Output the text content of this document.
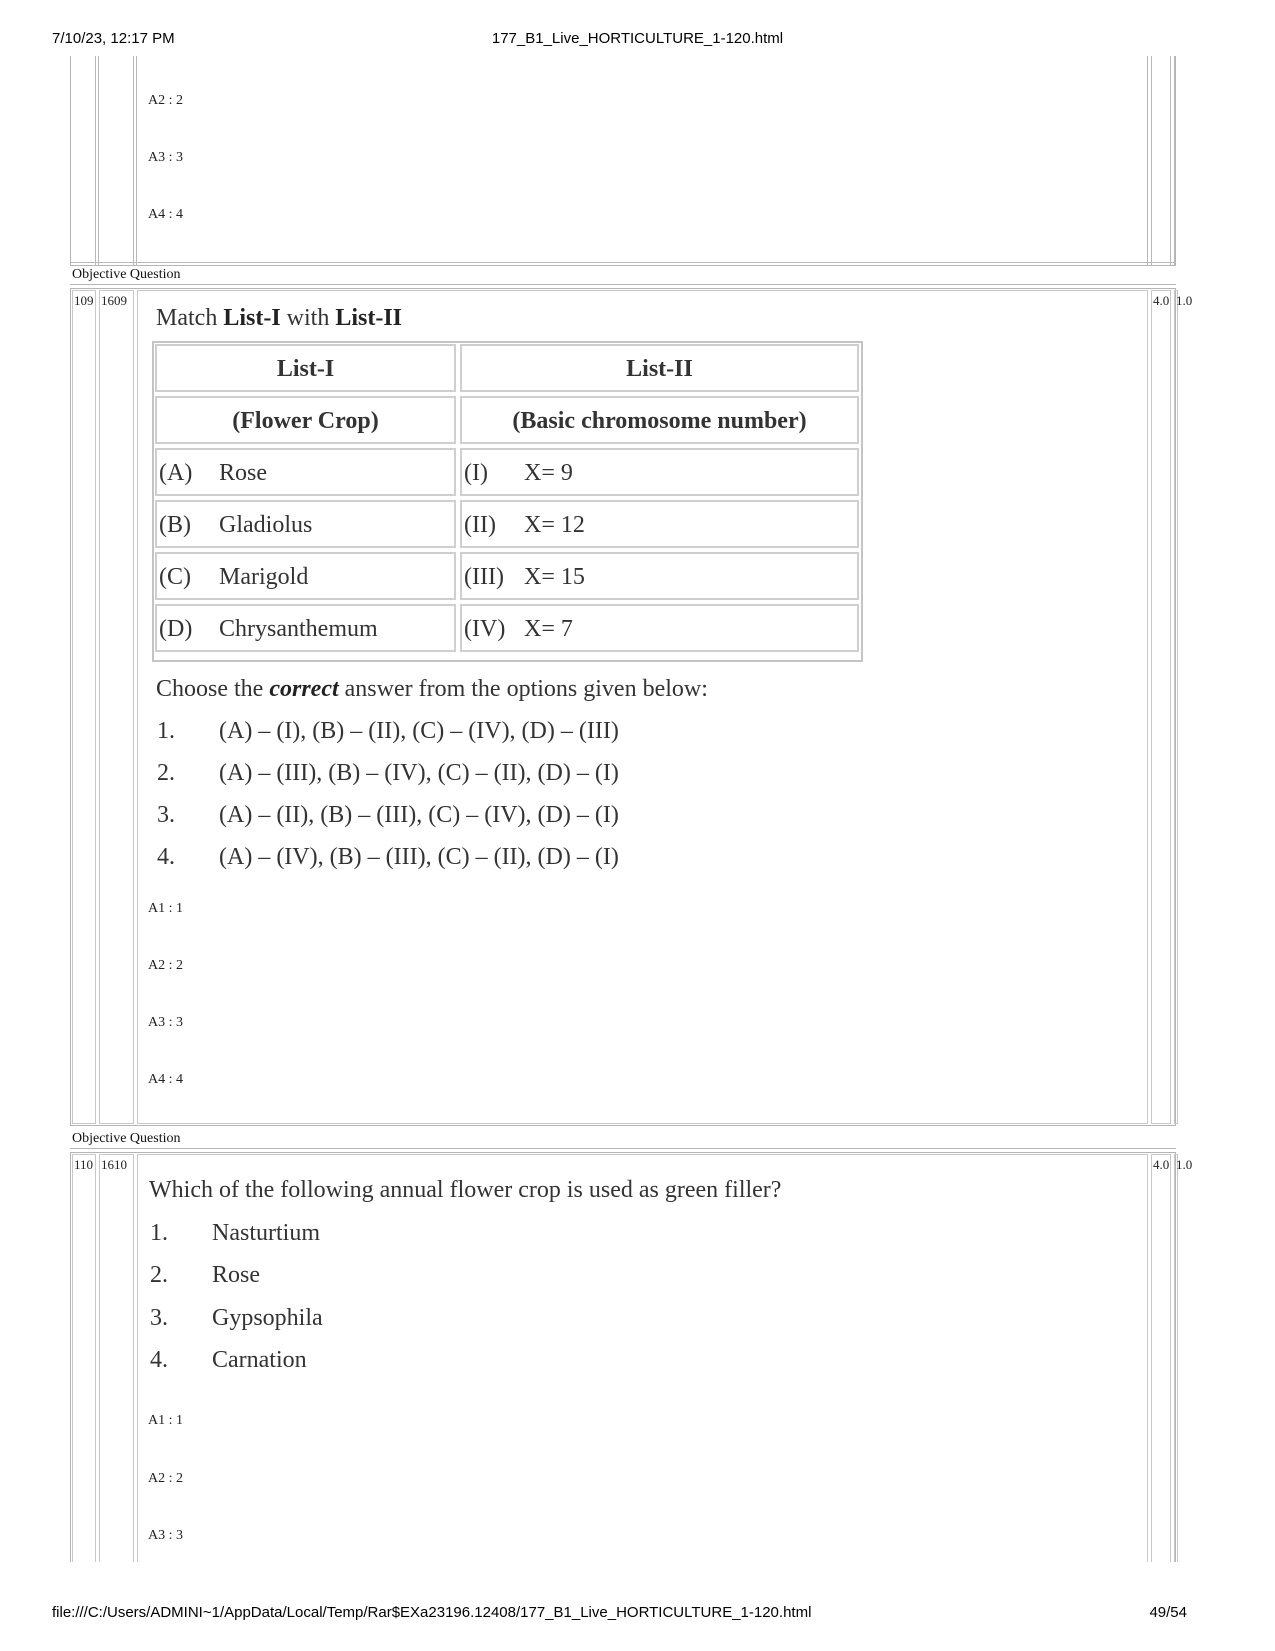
7/10/23, 12:17 PM	177_B1_Live_HORTICULTURE_1-120.html
A2 : 2
A3 : 3
A4 : 4
Objective Question
109 1609	4.0 1.0
Match List-I with List-II
List-I	List-II
(Flower Crop)	(Basic chromosome number)
(A) Rose	(I) X= 9
(B) Gladiolus	(II) X= 12
(C) Marigold	(III) X= 15
(D) Chrysanthemum	(IV) X= 7
Choose the correct answer from the options given below:
1. (A) – (I), (B) – (II), (C) – (IV), (D) – (III)
2. (A) – (III), (B) – (IV), (C) – (II), (D) – (I)
3. (A) – (II), (B) – (III), (C) – (IV), (D) – (I)
4. (A) – (IV), (B) – (III), (C) – (II), (D) – (I)
A1 : 1
A2 : 2
A3 : 3
A4 : 4
Objective Question
110 1610	4.0 1.0
Which of the following annual flower crop is used as green filler?
1. Nasturtium
2. Rose
3. Gypsophila
4. Carnation
A1 : 1
A2 : 2
A3 : 3
file:///C:/Users/ADMINI~1/AppData/Local/Temp/Rar$EXa23196.12408/177_B1_Live_HORTICULTURE_1-120.html	49/54
